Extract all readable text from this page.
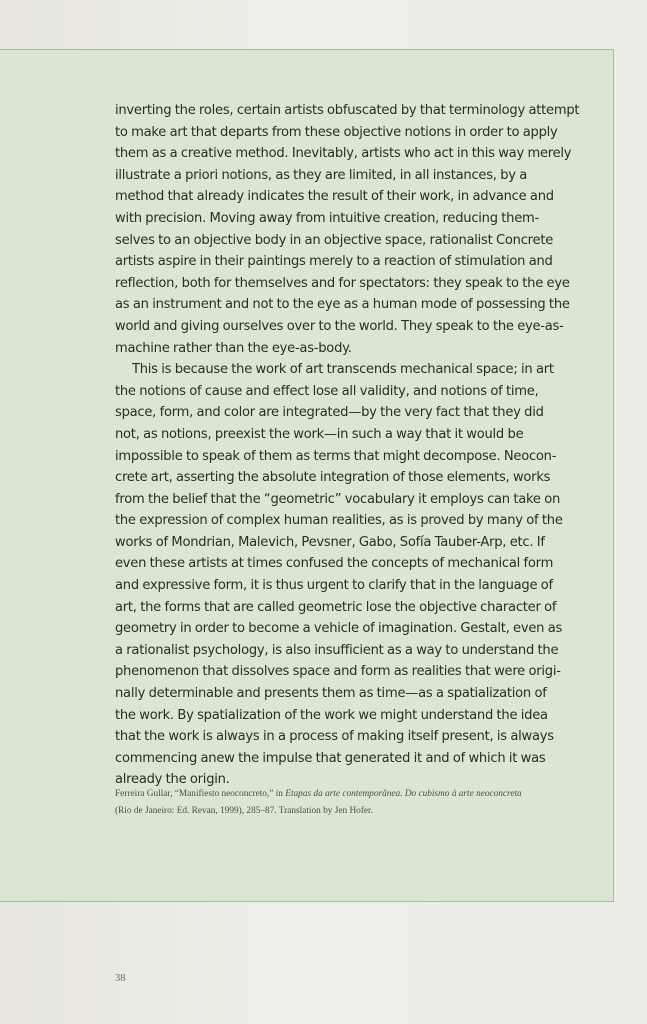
inverting the roles, certain artists obfuscated by that terminology attempt
to make art that departs from these objective notions in order to apply
them as a creative method. Inevitably, artists who act in this way merely
illustrate a priori notions, as they are limited, in all instances, by a
method that already indicates the result of their work, in advance and
with precision. Moving away from intuitive creation, reducing them-
selves to an objective body in an objective space, rationalist Concrete
artists aspire in their paintings merely to a reaction of stimulation and
reflection, both for themselves and for spectators: they speak to the eye
as an instrument and not to the eye as a human mode of possessing the
world and giving ourselves over to the world. They speak to the eye-as-
machine rather than the eye-as-body.
This is because the work of art transcends mechanical space; in art
the notions of cause and effect lose all validity, and notions of time,
space, form, and color are integrated—by the very fact that they did
not, as notions, preexist the work—in such a way that it would be
impossible to speak of them as terms that might decompose. Neocon-
crete art, asserting the absolute integration of those elements, works
from the belief that the “geometric” vocabulary it employs can take on
the expression of complex human realities, as is proved by many of the
works of Mondrian, Malevich, Pevsner, Gabo, Sofía Tauber-Arp, etc. If
even these artists at times confused the concepts of mechanical form
and expressive form, it is thus urgent to clarify that in the language of
art, the forms that are called geometric lose the objective character of
geometry in order to become a vehicle of imagination. Gestalt, even as
a rationalist psychology, is also insufficient as a way to understand the
phenomenon that dissolves space and form as realities that were origi-
nally determinable and presents them as time—as a spatialization of
the work. By spatialization of the work we might understand the idea
that the work is always in a process of making itself present, is always
commencing anew the impulse that generated it and of which it was
already the origin.
Ferreira Gullar, “Manifiesto neoconcreto,” in Etapas da arte contemporânea. Do cubismo à arte neoconcreta
(Rio de Janeiro: Ed. Revan, 1999), 285–87. Translation by Jen Hofer.
38
